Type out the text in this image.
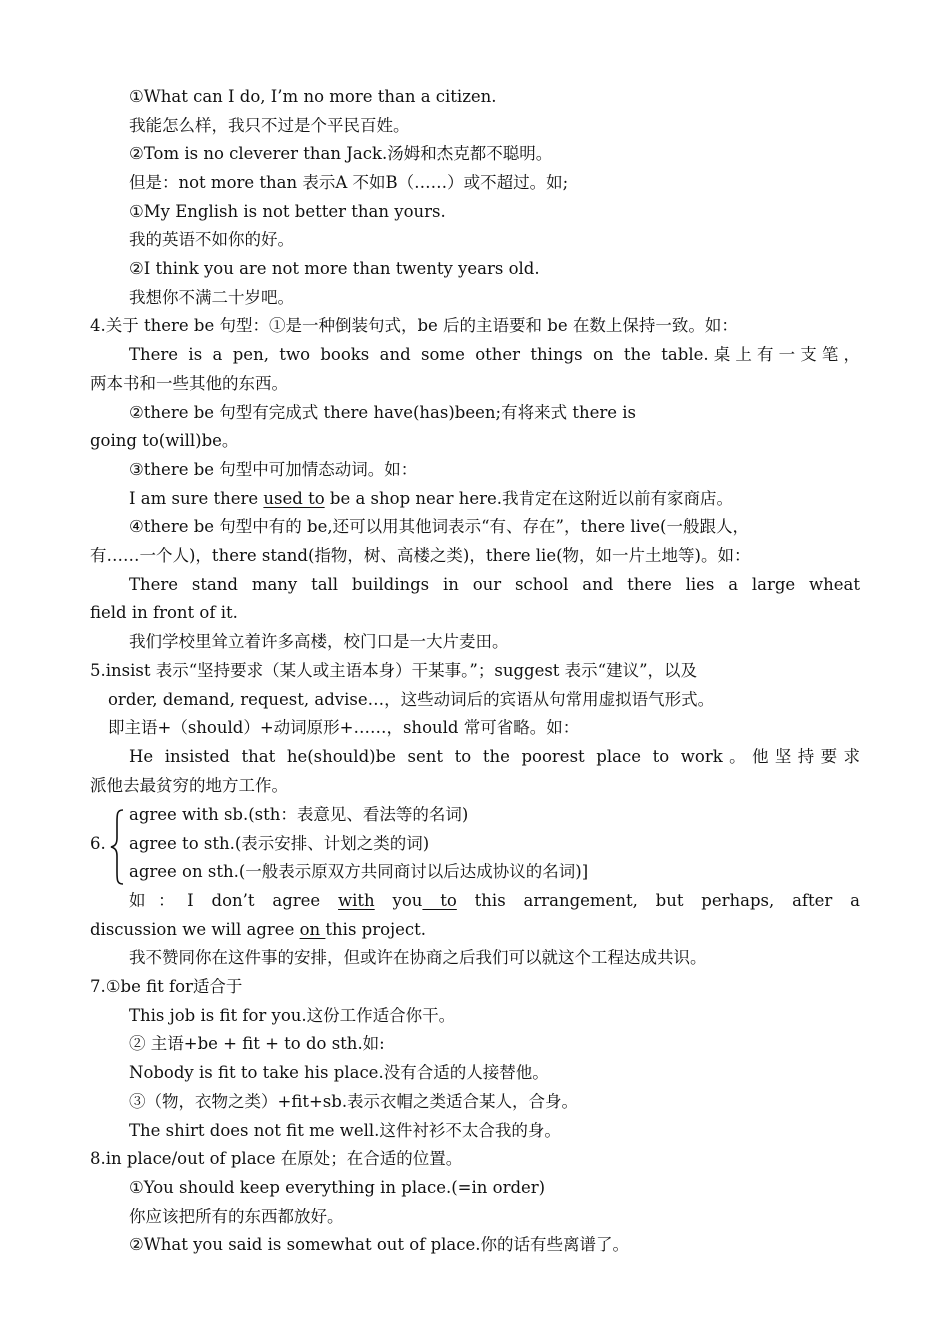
①What can I do, I’m no more than a citizen.
我能怎么样，我只不过是个平民百姓。
②Tom is no cleverer than Jack.汤姆和杰克都不聪明。
但是：not more than 表示A 不如B（……）或不超过。如;
①My English is not better than yours.
我的英语不如你的好。
②I think you are not more than twenty years old.
我想你不满二十岁吧。
4.关于 there be 句型：①是一种倒装句式，be 后的主语要和 be 在数上保持一致。如：
There is a pen, two books and some other things on the table.桌上有一支笔，
两本书和一些其他的东西。
②there be 句型有完成式 there have(has)been;有将来式 there is
going to(will)be。
③there be 句型中可加情态动词。如：
I am sure there used to be a shop near here.我肯定在这附近以前有家商店。
④there be 句型中有的 be,还可以用其他词表示“有、存在”，there live(一般跟人，
有……一个人)，there stand(指物，树、高楼之类)，there lie(物，如一片土地等)。如：
There stand many tall buildings in our school and there lies a large wheat
field in front of it.
我们学校里耸立着许多高楼，校门口是一大片麦田。
5.insist 表示“坚持要求（某人或主语本身）干某事。”；suggest 表示“建议”，以及
order, demand, request, advise…，这些动词后的宾语从句常用虚拟语气形式。
即主语+（should）+动词原形+……，should 常可省略。如：
He insisted that he(should)be sent to the poorest place to work。他坚持要求
派他去最贫穷的地方工作。
6.
agree with sb.(sth：表意见、看法等的名词)
agree to sth.(表示安排、计划之类的词)
agree on sth.(一般表示原双方共同商讨以后达成协议的名词)]
如：I don’t agree with you to this arrangement, but perhaps, after a
discussion we will agree on this project.
我不赞同你在这件事的安排，但或许在协商之后我们可以就这个工程达成共识。
7.①be fit for适合于
This job is fit for you.这份工作适合你干。
② 主语+be + fit + to do sth.如:
Nobody is fit to take his place.没有合适的人接替他。
③（物，衣物之类）+fit+sb.表示衣帽之类适合某人，合身。
The shirt does not fit me well.这件衬衫不太合我的身。
8.in place/out of place 在原处；在合适的位置。
①You should keep everything in place.(=in order)
你应该把所有的东西都放好。
②What you said is somewhat out of place.你的话有些离谱了。
